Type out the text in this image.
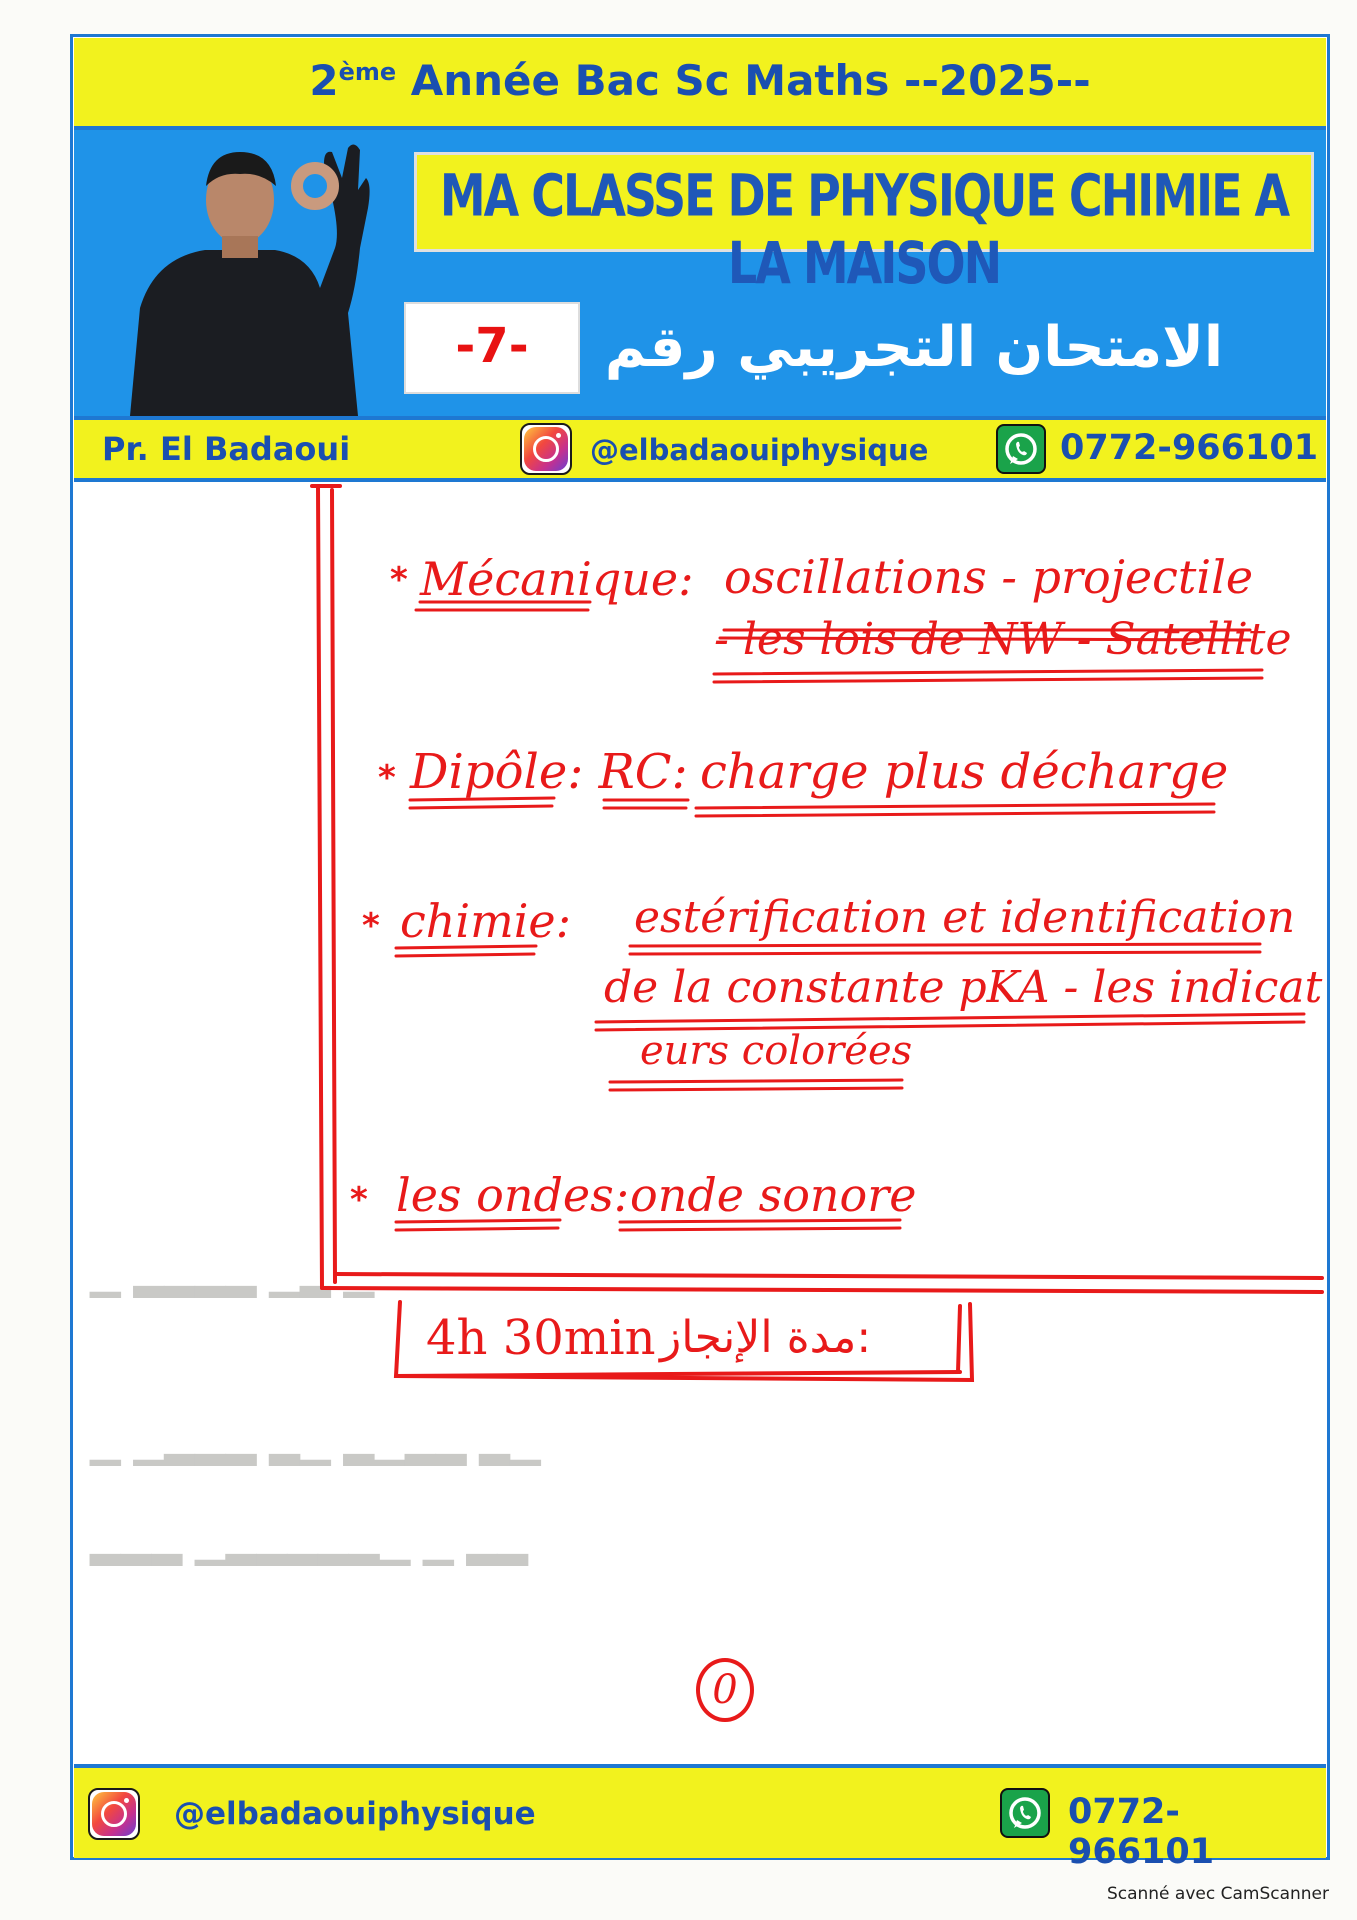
2ème Année Bac Sc Maths --2025--
MA CLASSE DE PHYSIQUE CHIMIE A LA MAISON
-7-	الامتحان التجريبي رقم
Pr. El Badaoui	@elbadaouiphysique	0772-966101
▁ ▂▂▂▂ ▁▂ ▁
▁ ▁▂▂▂ ▂▁ ▂▁▂▂ ▂▁
▂▂▂ ▁▂▂▂▂▂▁ ▁ ▂▂
* Mécanique: oscillations - projectile
- les lois de NW - Satellite
* Dipôle: RC: charge plus décharge
* chimie: estérification et identification
de la constante pKA - les indicat
eurs colorées
* les ondes: onde sonore
4h 30min مدة الإنجاز:
0
@elbadaouiphysique	0772-966101
Scanné avec CamScanner
